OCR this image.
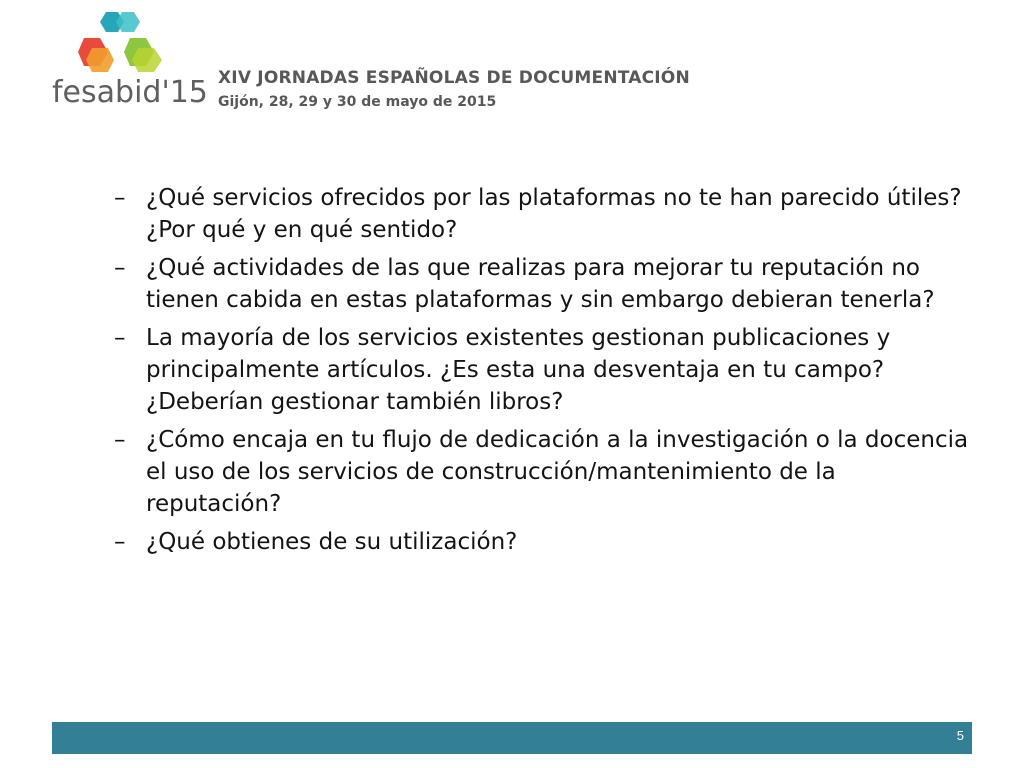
fesabid'15 XIV JORNADAS ESPAÑOLAS DE DOCUMENTACIÓN
Gijón, 28, 29 y 30 de mayo de 2015
– ¿Qué servicios ofrecidos por las plataformas no te han parecido útiles? ¿Por qué y en qué sentido?
– ¿Qué actividades de las que realizas para mejorar tu reputación no tienen cabida en estas plataformas y sin embargo debieran tenerla?
– La mayoría de los servicios existentes gestionan publicaciones y principalmente artículos. ¿Es esta una desventaja en tu campo? ¿Deberían gestionar también libros?
– ¿Cómo encaja en tu flujo de dedicación a la investigación o la docencia el uso de los servicios de construcción/mantenimiento de la reputación?
– ¿Qué obtienes de su utilización?
5
